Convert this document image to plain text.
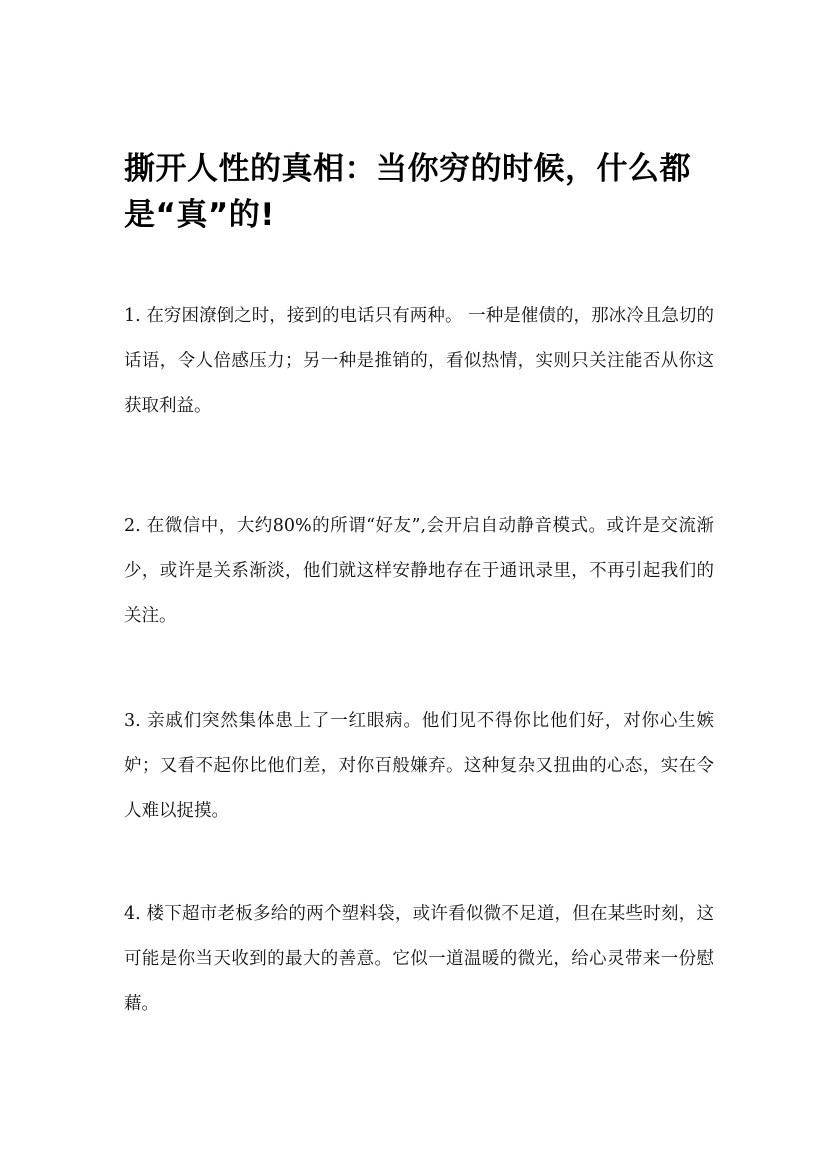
撕开人性的真相：当你穷的时候，什么都是“真”的!

1. 在穷困潦倒之时，接到的电话只有两种。 一种是催债的，那冰冷且急切的话语，令人倍感压力；另一种是推销的，看似热情，实则只关注能否从你这获取利益。

2. 在微信中，大约80%的所谓“好友”,会开启自动静音模式。或许是交流渐少，或许是关系渐淡，他们就这样安静地存在于通讯录里，不再引起我们的关注。

3. 亲戚们突然集体患上了一红眼病。他们见不得你比他们好，对你心生嫉妒；又看不起你比他们差，对你百般嫌弃。这种复杂又扭曲的心态，实在令人难以捉摸。

4. 楼下超市老板多给的两个塑料袋，或许看似微不足道，但在某些时刻，这可能是你当天收到的最大的善意。它似一道温暖的微光，给心灵带来一份慰藉。
